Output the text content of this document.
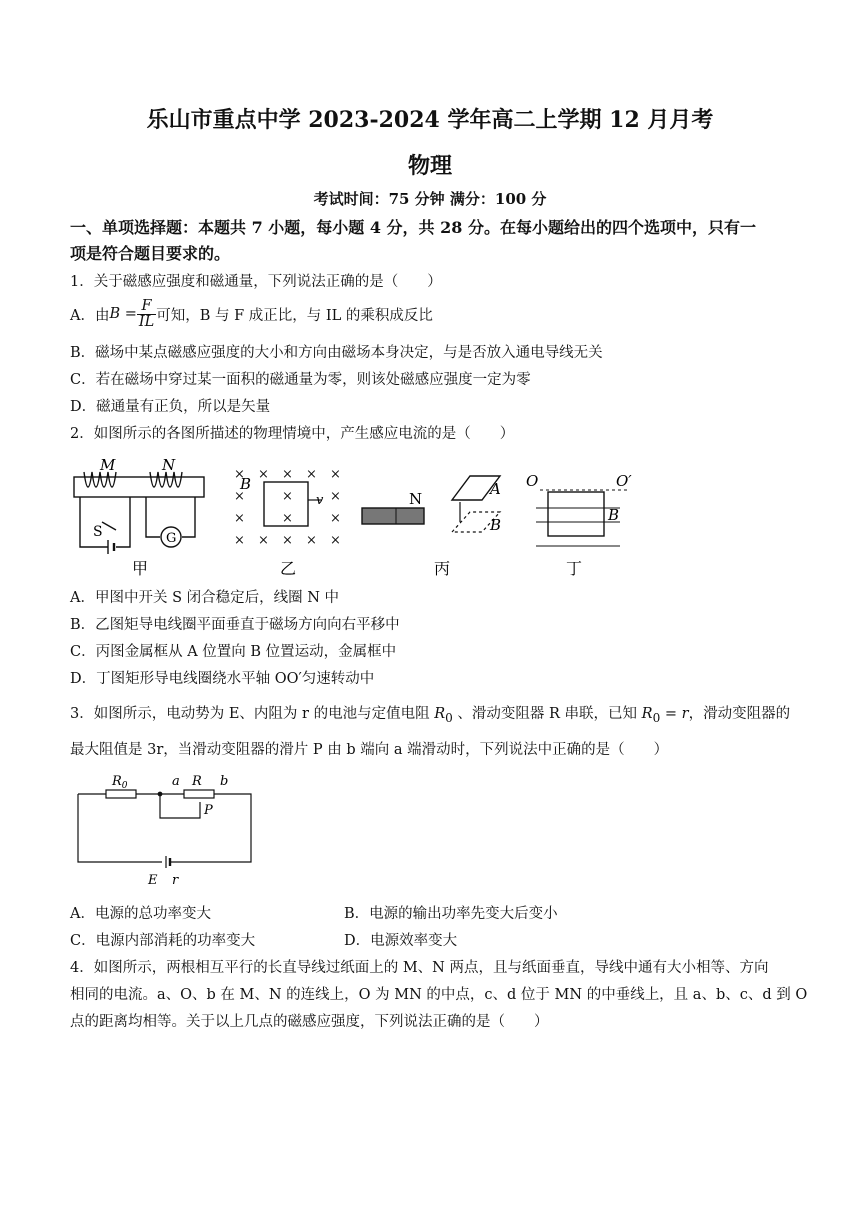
乐山市重点中学 2023-2024 学年高二上学期 12 月月考
物理
考试时间：75 分钟 满分：100 分
一、单项选择题：本题共 7 小题，每小题 4 分，共 28 分。在每小题给出的四个选项中，只有一
项是符合题目要求的。
1．关于磁感应强度和磁通量，下列说法正确的是（　　）
A．由 $B = \frac{F}{IL}$ 可知，B 与 F 成正比，与 IL 的乘积成反比
B．磁场中某点磁感应强度的大小和方向由磁场本身决定，与是否放入通电导线无关
C．若在磁场中穿过某一面积的磁通量为零，则该处磁感应强度一定为零
D．磁通量有正负，所以是矢量
2．如图所示的各图所描述的物理情境中，产生感应电流的是（　　）
M	N
S	G
甲
× × × × ×
×	×	×
×	×	×
× × × × ×
B
v
乙
N
A
B
丙
O	O′
B
丁
A．甲图中开关 S 闭合稳定后，线圈 N 中
B．乙图矩导电线圈平面垂直于磁场方向向右平移中
C．丙图金属框从 A 位置向 B 位置运动，金属框中
D．丁图矩形导电线圈绕水平轴 OO′匀速转动中
3．如图所示，电动势为 E、内阻为 r 的电池与定值电阻 $R_0$ 、滑动变阻器 R 串联，已知 $R_0 = r$，滑动变阻器的
最大阻值是 3r，当滑动变阻器的滑片 P 由 b 端向 a 端滑动时，下列说法中正确的是（　　）
$R_0$	a R b
P
E r
A．电源的总功率变大	B．电源的输出功率先变大后变小
C．电源内部消耗的功率变大	D．电源效率变大
4．如图所示，两根相互平行的长直导线过纸面上的 M、N 两点，且与纸面垂直，导线中通有大小相等、方向
相同的电流。a、O、b 在 M、N 的连线上，O 为 MN 的中点，c、d 位于 MN 的中垂线上，且 a、b、c、d 到 O
点的距离均相等。关于以上几点的磁感应强度，下列说法正确的是（　　）
